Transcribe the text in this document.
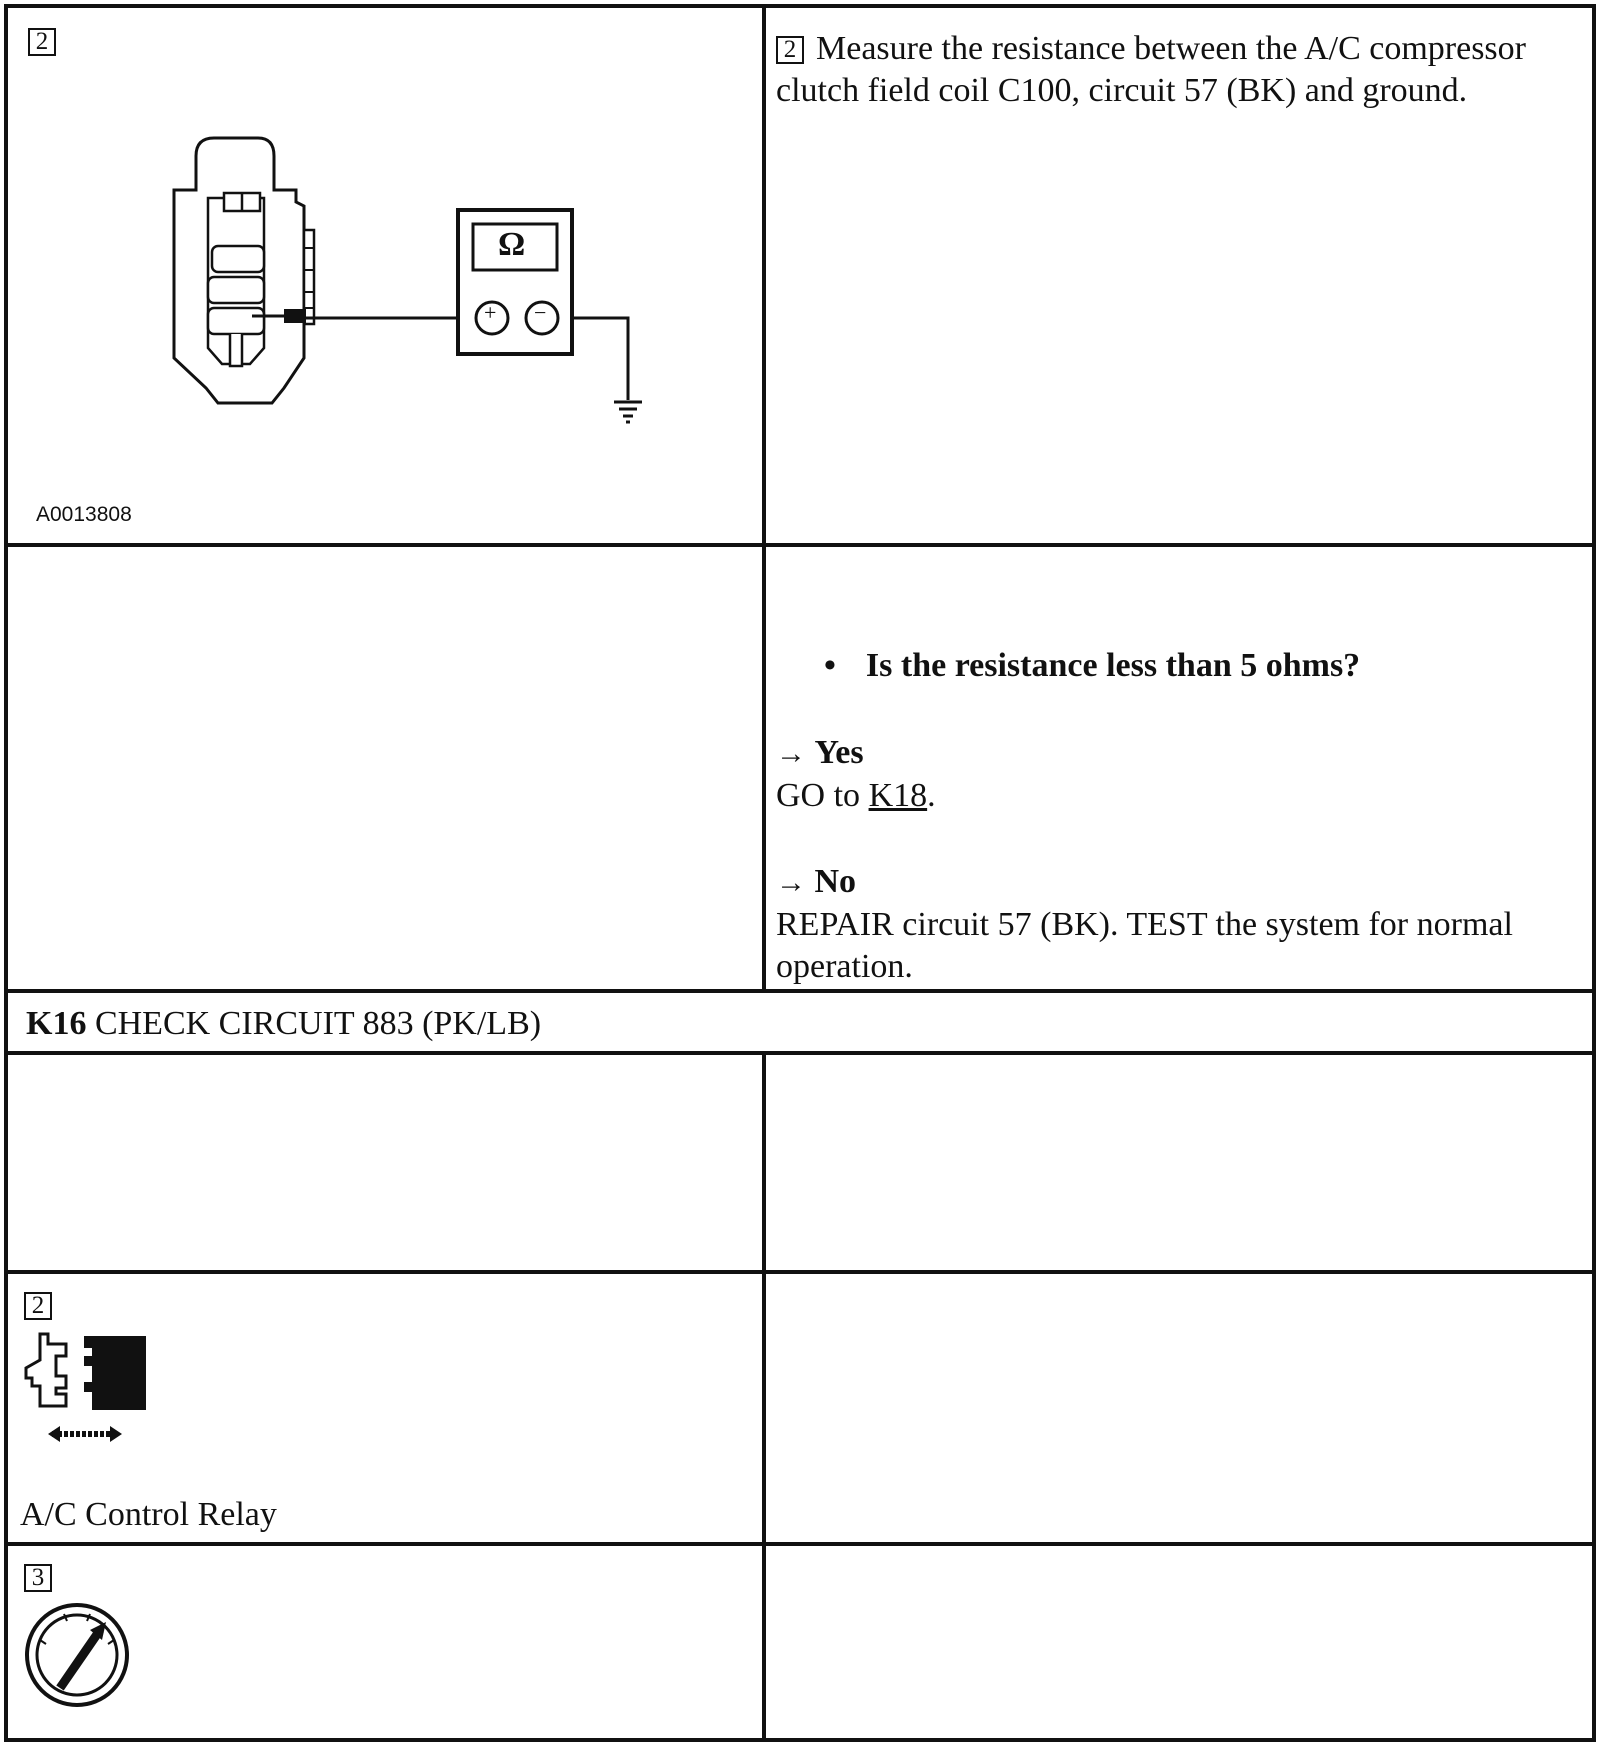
2
Ω
+ −
A0013808
2 Measure the resistance between the A/C compressor clutch field coil C100, circuit 57 (BK) and ground.
• Is the resistance less than 5 ohms?
→ Yes
GO to K18.
→ No
REPAIR circuit 57 (BK). TEST the system for normal operation.
K16 CHECK CIRCUIT 883 (PK/LB)
2
A/C Control Relay
3
